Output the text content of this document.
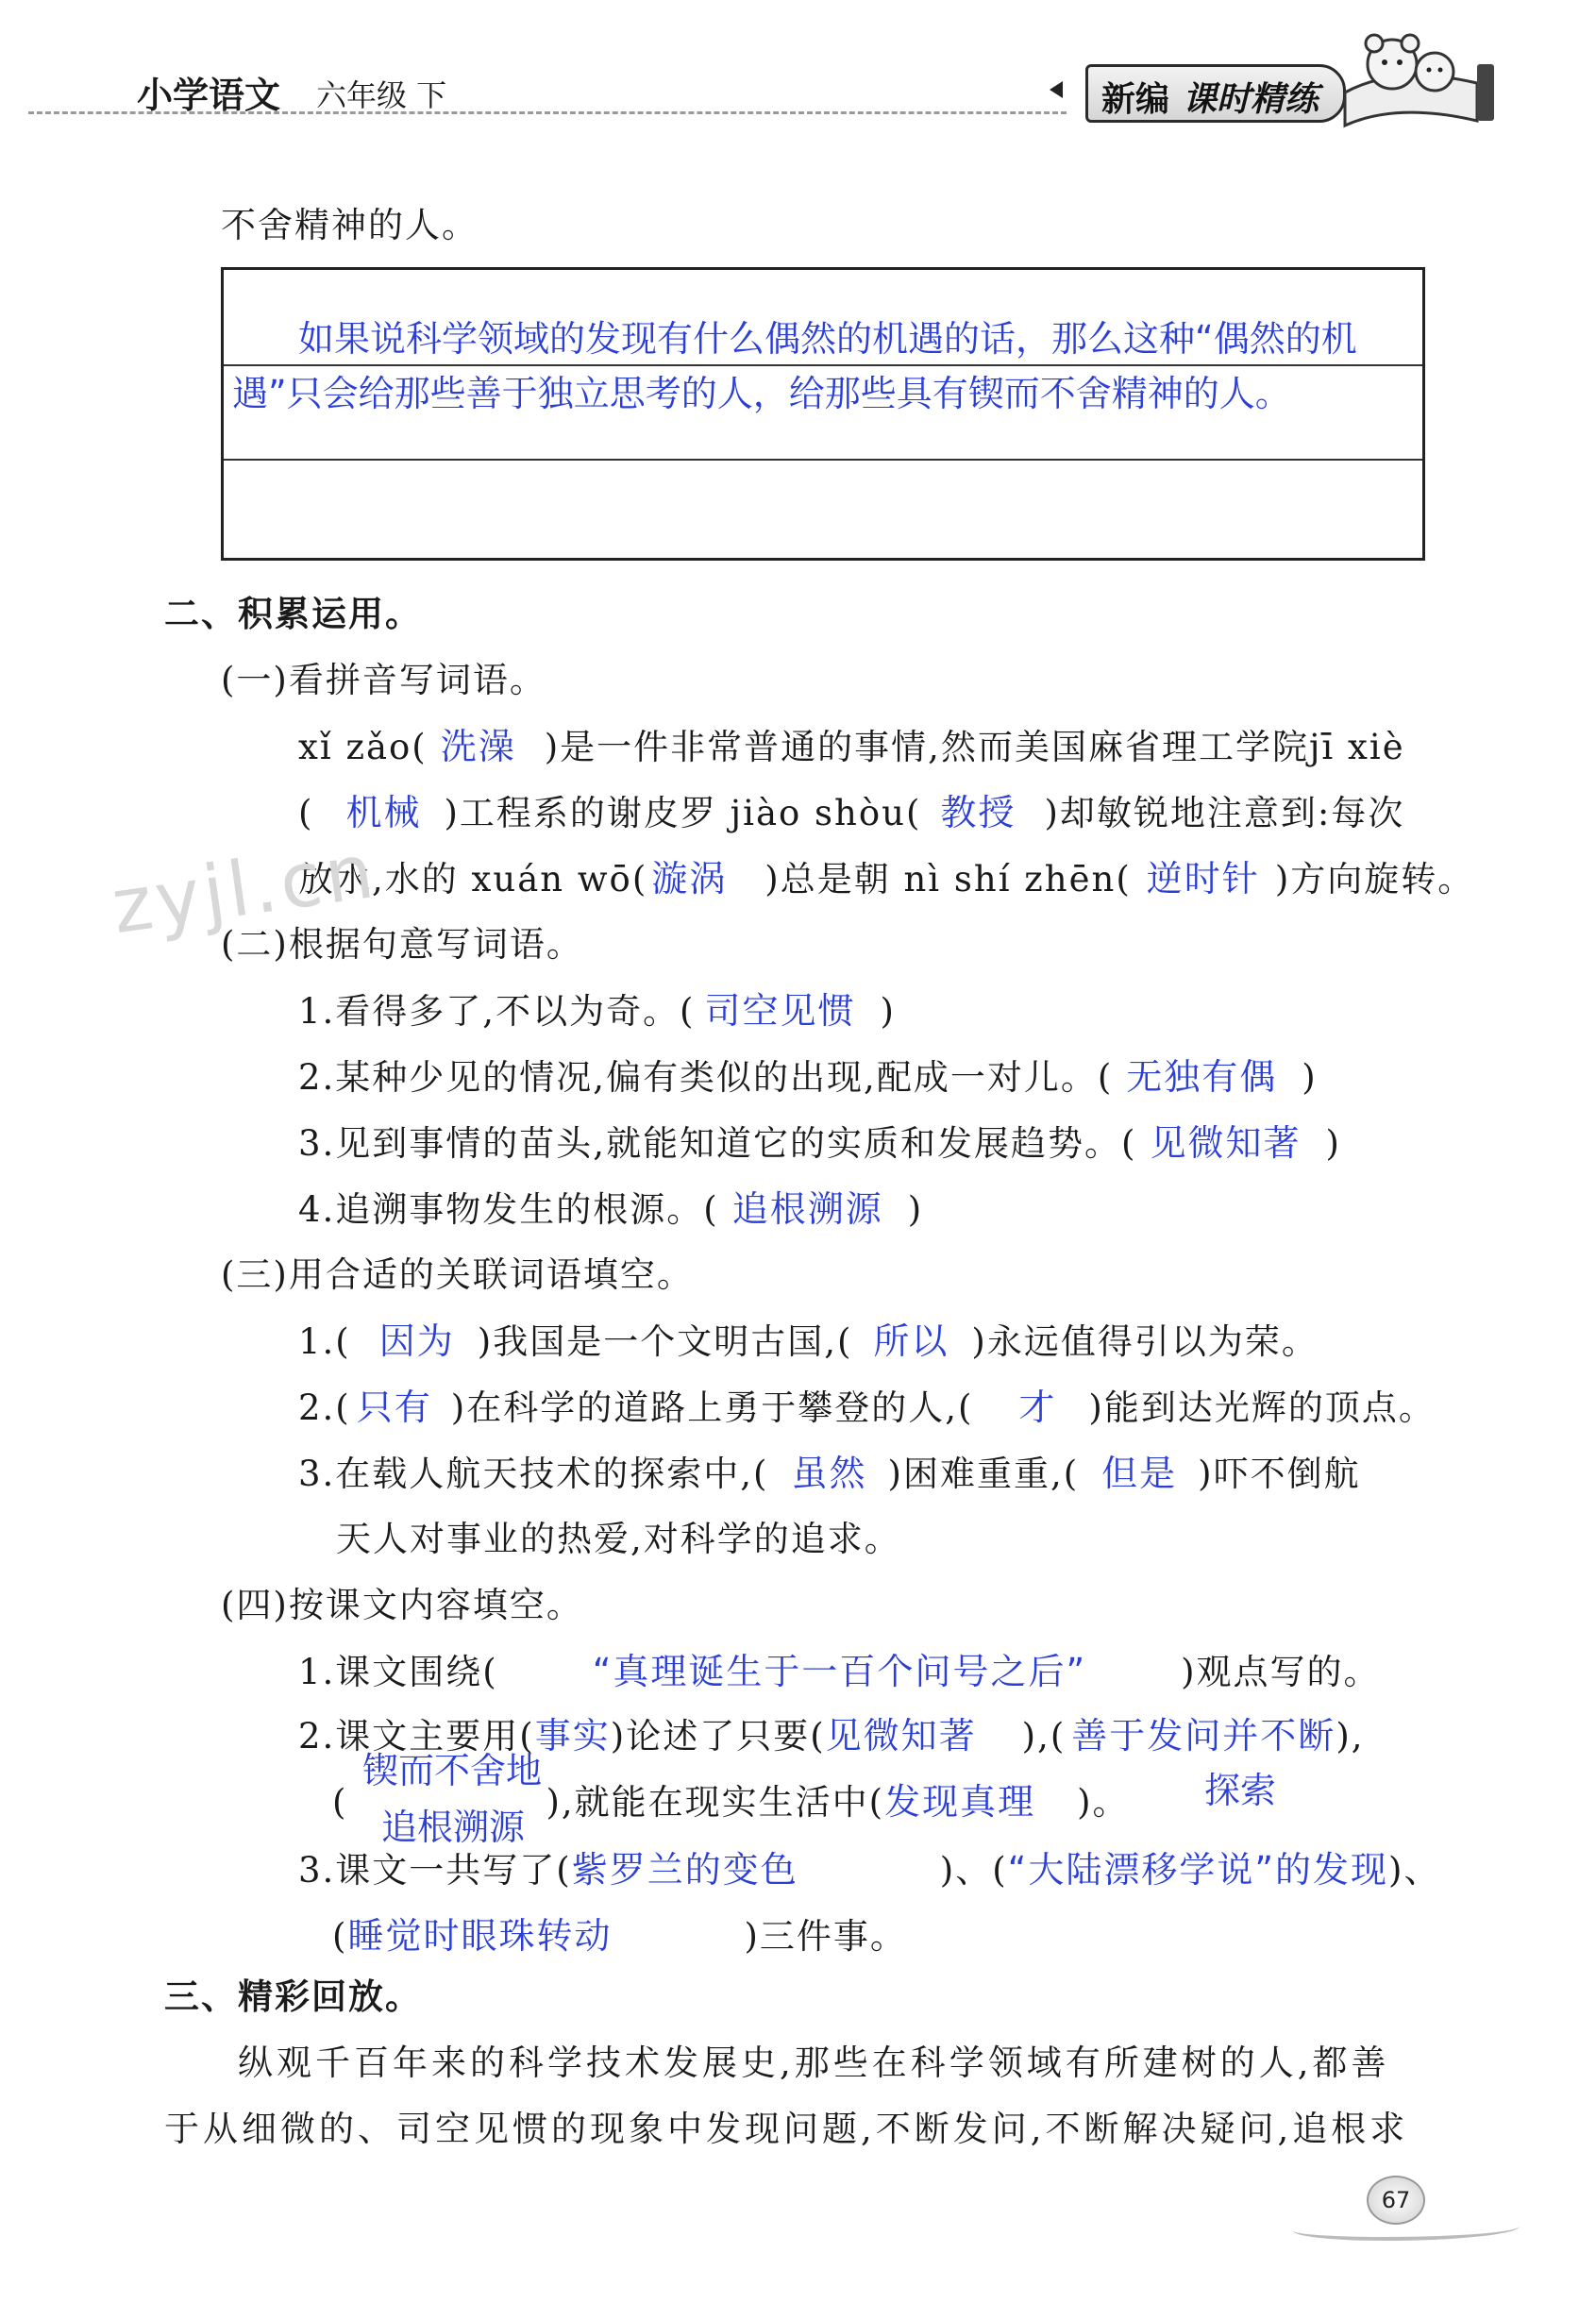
小学语文 六年级 下	新编 课时精练
不舍精神的人。
如果说科学领域的发现有什么偶然的机遇的话，那么这种“偶然的机
遇”只会给那些善于独立思考的人，给那些具有锲而不舍精神的人。
二、积累运用。
(一)看拼音写词语。
xǐ zǎo( 洗澡 )是一件非常普通的事情,然而美国麻省理工学院jī xiè
( 机械 )工程系的谢皮罗 jiào shòu( 教授 )却敏锐地注意到:每次
放水,水的 xuán wō( 漩涡 )总是朝 nì shí zhēn( 逆时针 )方向旋转。
zyjl.cn
(二)根据句意写词语。
1.看得多了,不以为奇。( 司空见惯 )
2.某种少见的情况,偏有类似的出现,配成一对儿。( 无独有偶 )
3.见到事情的苗头,就能知道它的实质和发展趋势。( 见微知著 )
4.追溯事物发生的根源。( 追根溯源 )
(三)用合适的关联词语填空。
1.( 因为 )我国是一个文明古国,( 所以 )永远值得引以为荣。
2.( 只有 )在科学的道路上勇于攀登的人,( 才 )能到达光辉的顶点。
3.在载人航天技术的探索中,( 虽然 )困难重重,( 但是 )吓不倒航
天人对事业的热爱,对科学的追求。
(四)按课文内容填空。
1.课文围绕(	“真理诞生于一百个问号之后”	)观点写的。
2.课文主要用(事实)论述了只要(见微知著 ),( 善于发问并不断),
探索
锲而不舍地
(	),就能在现实生活中(发现真理 )。
追根溯源
3.课文一共写了(紫罗兰的变色	)、(“大陆漂移学说”的发现)、
(睡觉时眼珠转动	)三件事。
三、精彩回放。
纵观千百年来的科学技术发展史,那些在科学领域有所建树的人,都善
于从细微的、司空见惯的现象中发现问题,不断发问,不断解决疑问,追根求
67
